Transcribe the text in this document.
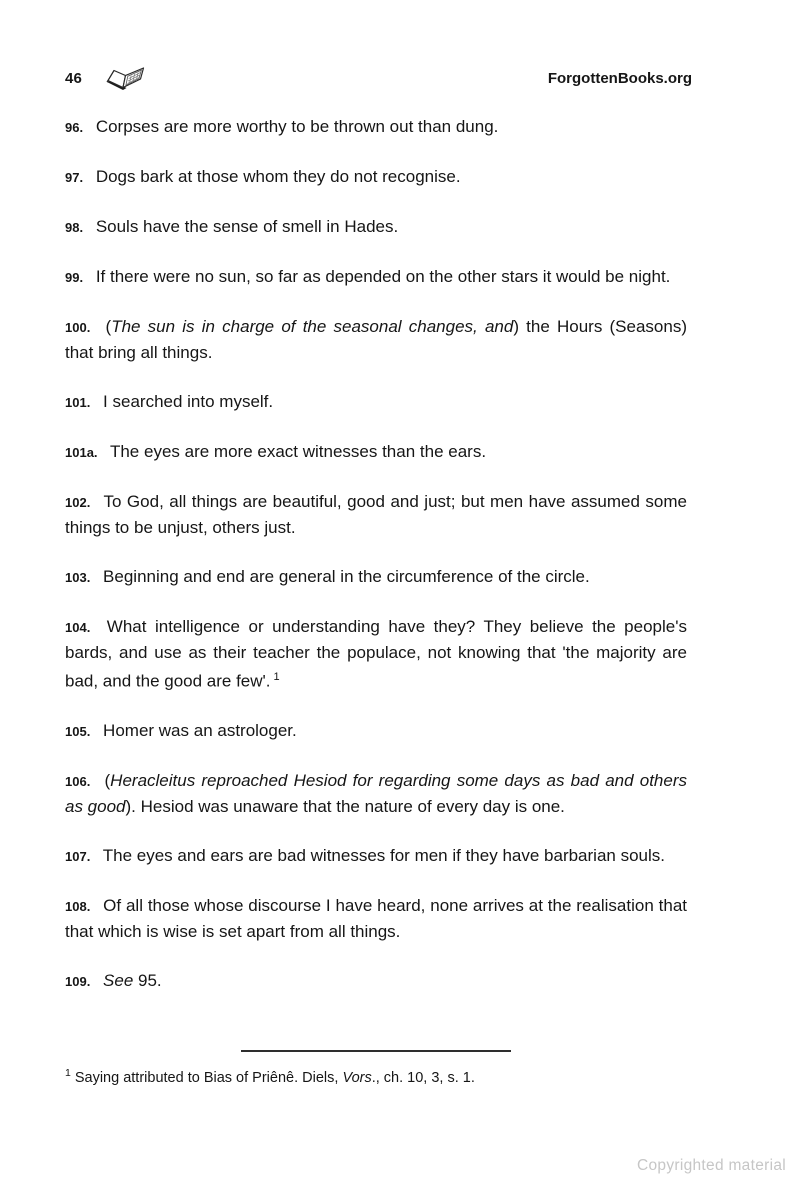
46	ForgottenBooks.org

96. Corpses are more worthy to be thrown out than dung.

97. Dogs bark at those whom they do not recognise.

98. Souls have the sense of smell in Hades.

99. If there were no sun, so far as depended on the other stars it would be night.

100. (The sun is in charge of the seasonal changes, and) the Hours (Seasons) that bring all things.

101. I searched into myself.

101a. The eyes are more exact witnesses than the ears.

102. To God, all things are beautiful, good and just; but men have assumed some things to be unjust, others just.

103. Beginning and end are general in the circumference of the circle.

104. What intelligence or understanding have they? They believe the people's bards, and use as their teacher the populace, not knowing that 'the majority are bad, and the good are few'. $^1$

105. Homer was an astrologer.

106. (Heracleitus reproached Hesiod for regarding some days as bad and others as good). Hesiod was unaware that the nature of every day is one.

107. The eyes and ears are bad witnesses for men if they have barbarian souls.

108. Of all those whose discourse I have heard, none arrives at the realisation that that which is wise is set apart from all things.

109. See 95.

$^1$ Saying attributed to Bias of Priênê. Diels, Vors., ch. 10, 3, s. 1.

Copyrighted material
